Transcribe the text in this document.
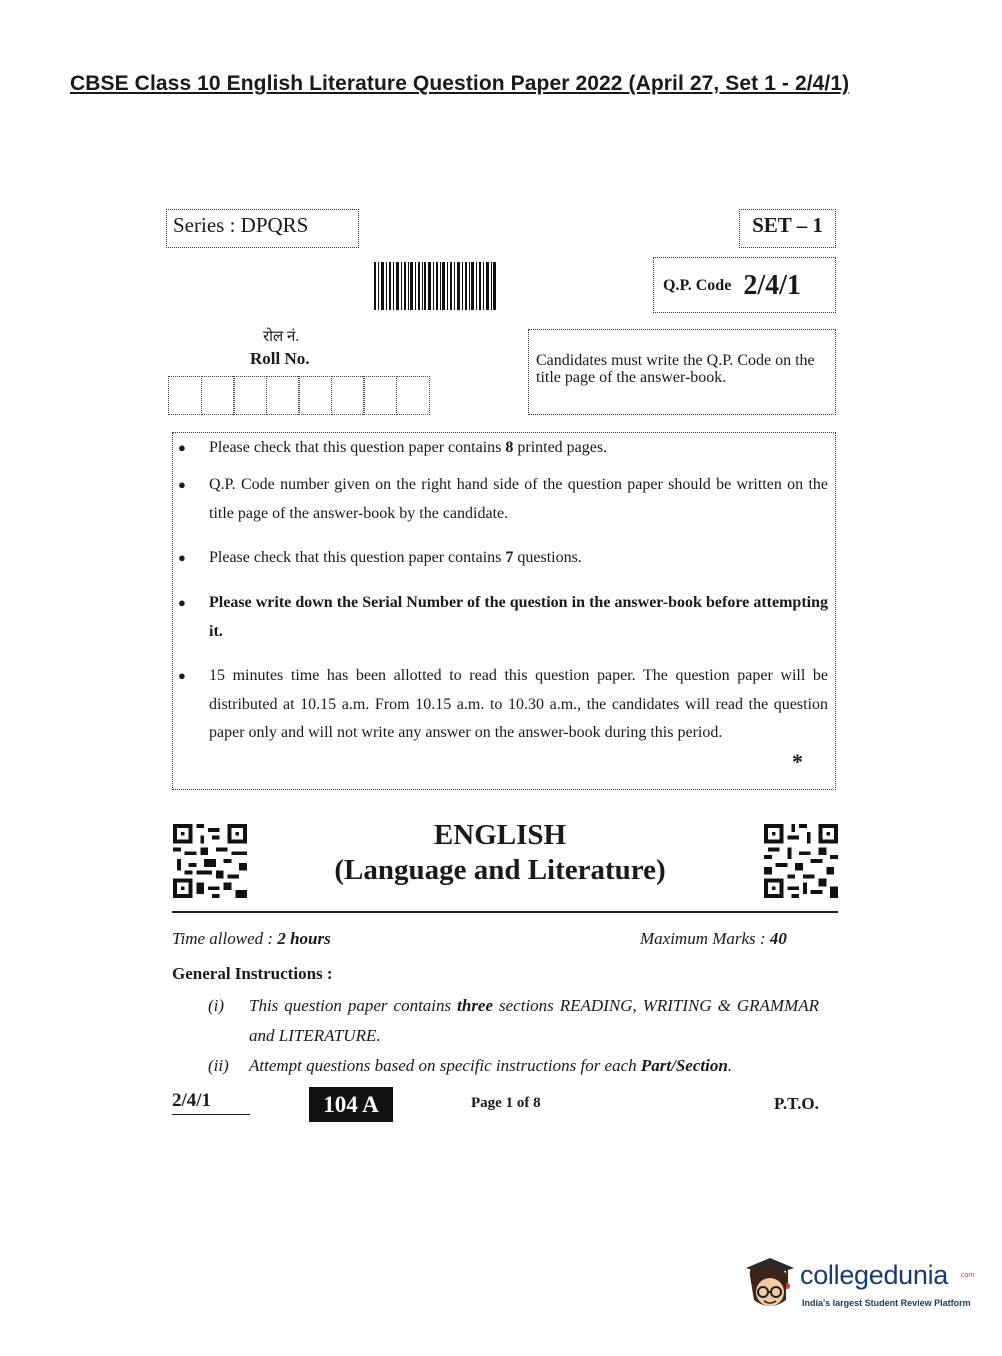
CBSE Class 10 English Literature Question Paper 2022 (April 27, Set 1 - 2/4/1)
Series : DPQRS	SET – 1
Q.P. Code 2/4/1
रोल नं.
Roll No.	Candidates must write the Q.P. Code on the title page of the answer-book.
● Please check that this question paper contains 8 printed pages.
● Q.P. Code number given on the right hand side of the question paper should be written on the title page of the answer-book by the candidate.
● Please check that this question paper contains 7 questions.
● Please write down the Serial Number of the question in the answer-book before attempting it.
● 15 minutes time has been allotted to read this question paper. The question paper will be distributed at 10.15 a.m. From 10.15 a.m. to 10.30 a.m., the candidates will read the question paper only and will not write any answer on the answer-book during this period.
*
ENGLISH
(Language and Literature)
Time allowed : 2 hours	Maximum Marks : 40
General Instructions :
(i) This question paper contains three sections READING, WRITING & GRAMMAR and LITERATURE.
(ii) Attempt questions based on specific instructions for each Part/Section.
2/4/1	104 A	Page 1 of 8	P.T.O.
collegedunia .com
India's largest Student Review Platform
